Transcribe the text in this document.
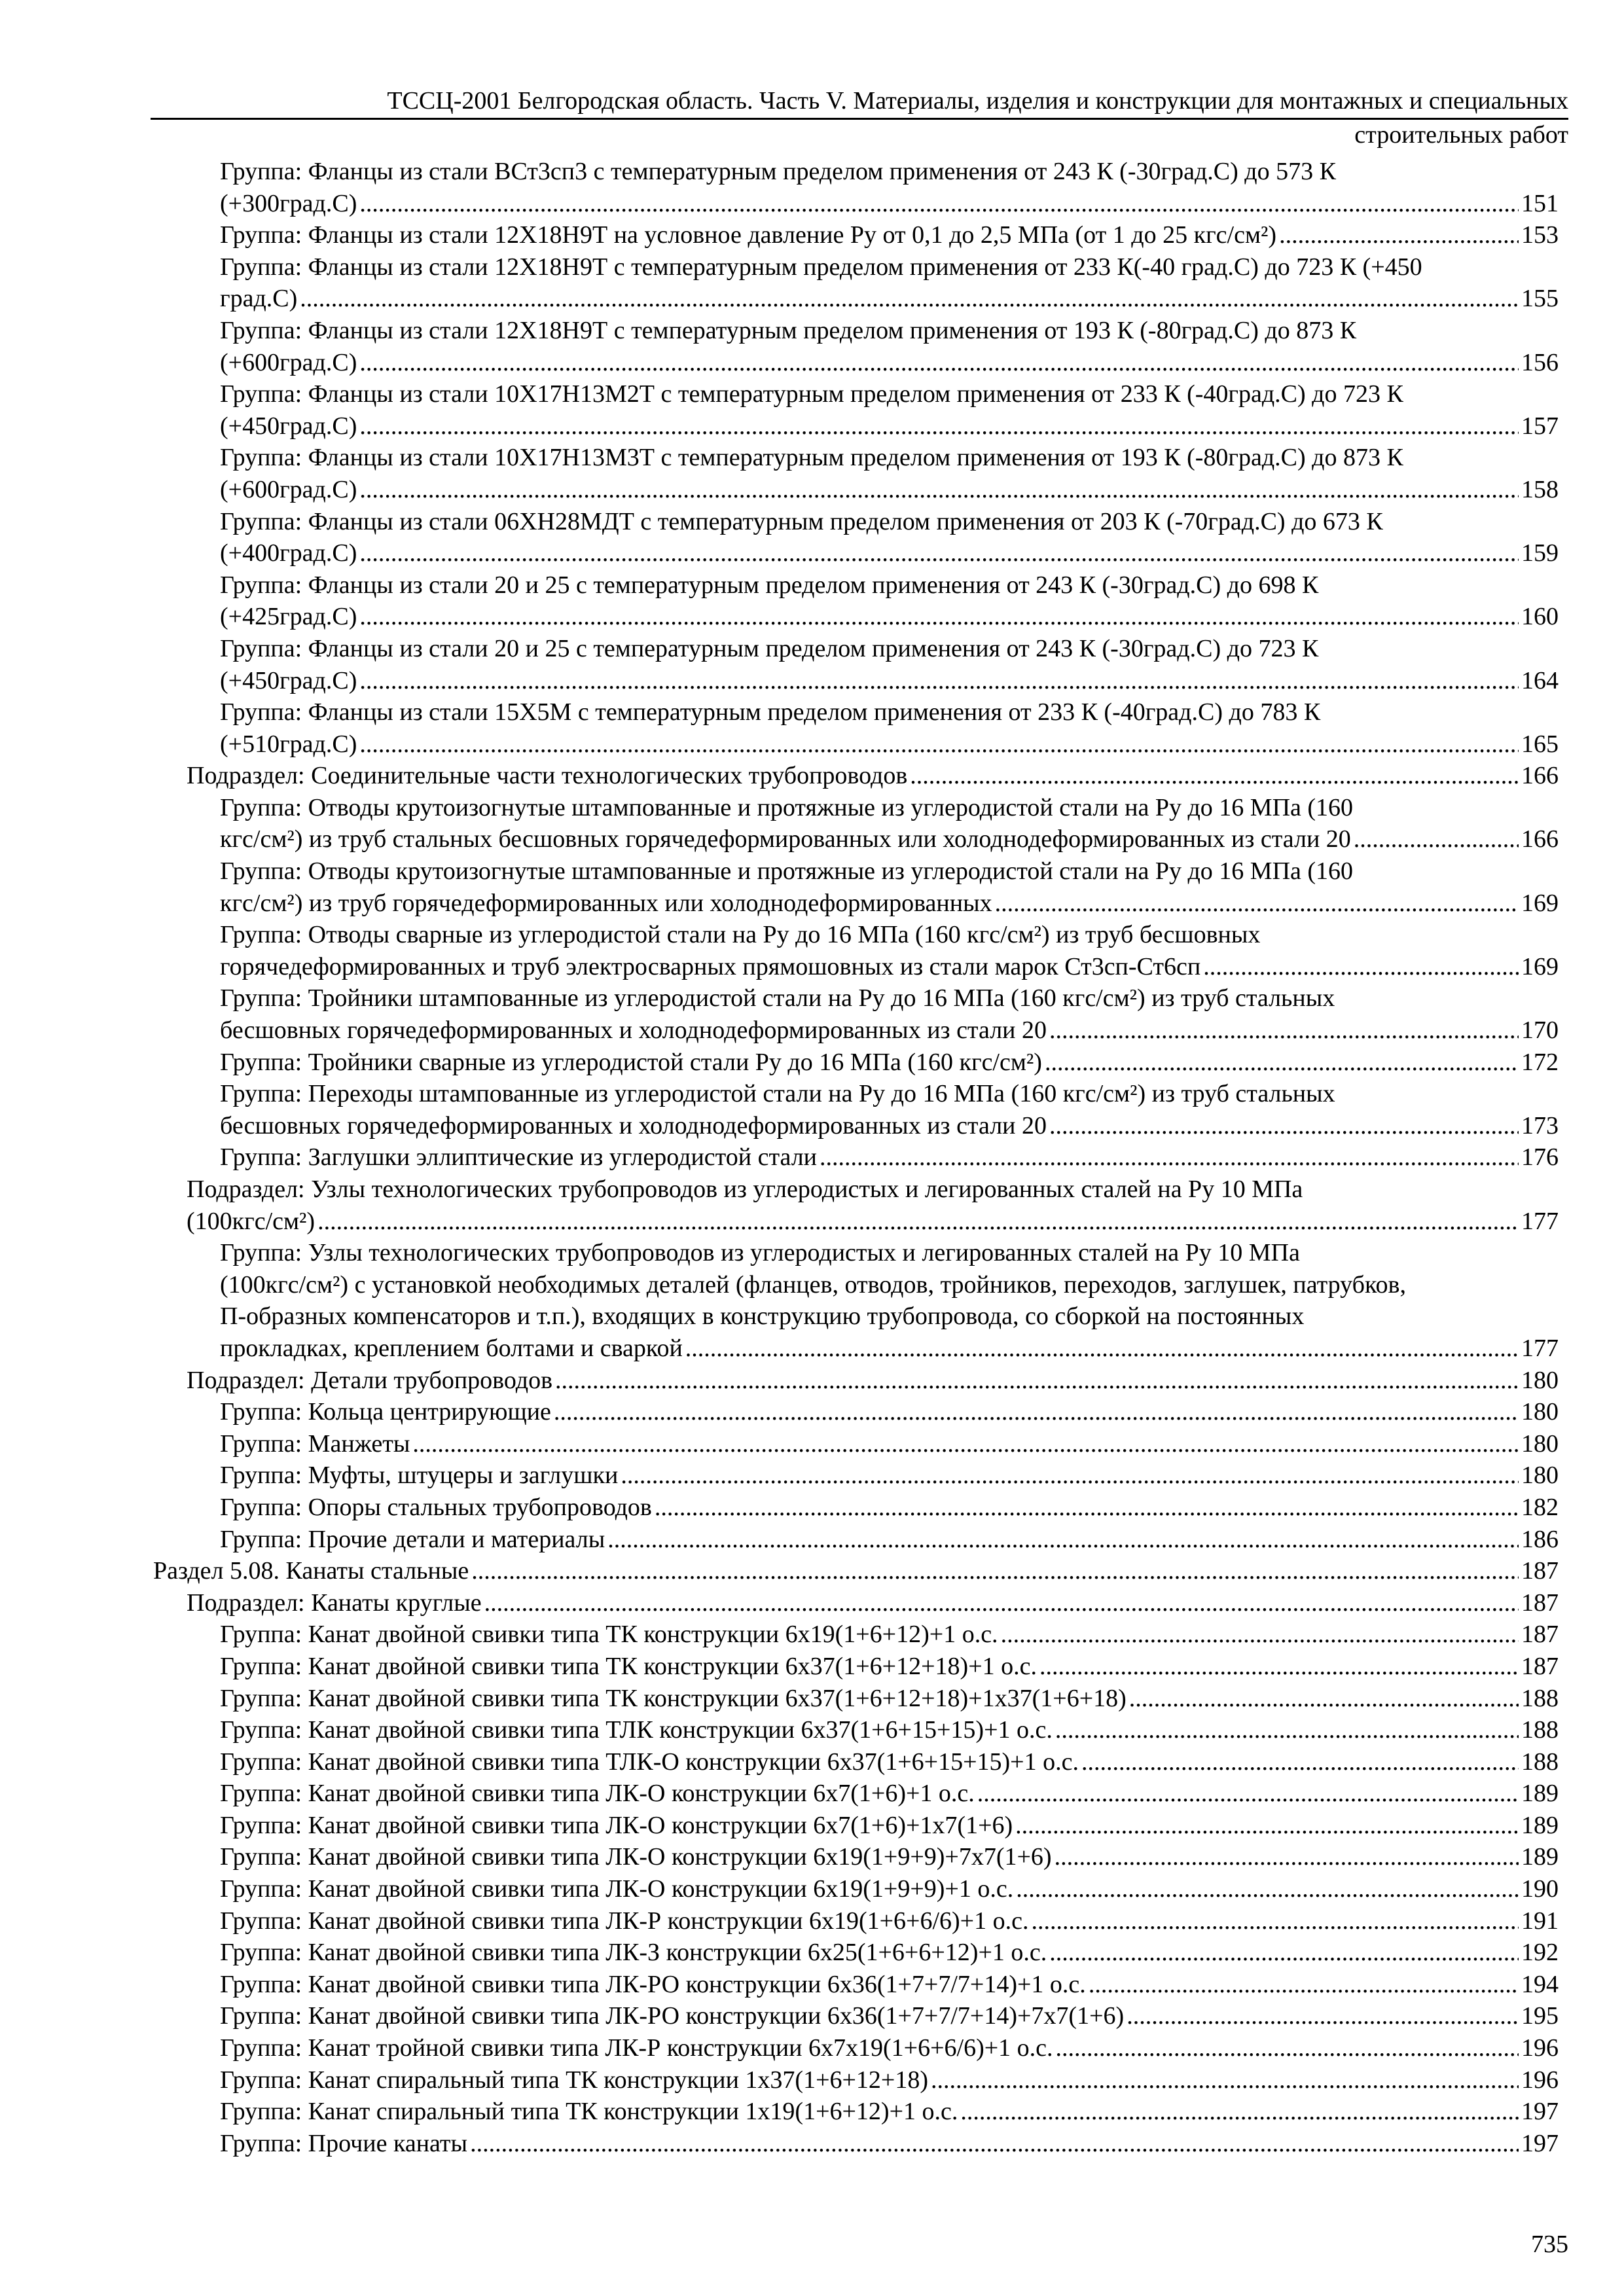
ТССЦ-2001 Белгородская область. Часть V. Материалы, изделия и конструкции для монтажных и специальных
строительных работ
Группа: Фланцы из стали ВСт3сп3 с температурным пределом применения от 243 К (-30град.С) до 573 К
(+300град.С) .....	151
Группа: Фланцы из стали 12Х18Н9Т на условное давление Ру от 0,1 до 2,5 МПа (от 1 до 25 кгс/см²) .....	153
Группа: Фланцы из стали 12Х18Н9Т с температурным пределом применения от 233 К(-40 град.С) до 723 К (+450
град.С) .....	155
Группа: Фланцы из стали 12Х18Н9Т с температурным пределом применения от 193 К (-80град.С) до 873 К
(+600град.С) .....	156
Группа: Фланцы из стали 10Х17Н13М2Т с температурным пределом применения от 233 К (-40град.С) до 723 К
(+450град.С) .....	157
Группа: Фланцы из стали 10Х17Н13М3Т с температурным пределом применения от 193 К (-80град.С) до 873 К
(+600град.С) .....	158
Группа: Фланцы из стали 06ХН28МДТ с температурным пределом применения от 203 К (-70град.С) до 673 К
(+400град.С) .....	159
Группа: Фланцы из стали 20 и 25 с температурным пределом применения от 243 К (-30град.С) до 698 К
(+425град.С) .....	160
Группа: Фланцы из стали 20 и 25 с температурным пределом применения от 243 К (-30град.С) до 723 К
(+450град.С) .....	164
Группа: Фланцы из стали 15Х5М с температурным пределом применения от 233 К (-40град.С) до 783 К
(+510град.С) .....	165
Подраздел: Соединительные части технологических трубопроводов .....	166
Группа: Отводы крутоизогнутые штампованные и протяжные из углеродистой стали на Ру до 16 МПа (160
кгс/см²) из труб стальных бесшовных горячедеформированных или холоднодеформированных из стали 20 .....	166
Группа: Отводы крутоизогнутые штампованные и протяжные из углеродистой стали на Ру до 16 МПа (160
кгс/см²) из труб горячедеформированных или холоднодеформированных .....	169
Группа: Отводы сварные из углеродистой стали на Ру до 16 МПа (160 кгс/см²) из труб бесшовных
горячедеформированных и труб электросварных прямошовных из стали марок Ст3сп-Ст6сп .....	169
Группа: Тройники штампованные из углеродистой стали на Ру до 16 МПа (160 кгс/см²) из труб стальных
бесшовных горячедеформированных и холоднодеформированных из стали 20 .....	170
Группа: Тройники сварные из углеродистой стали Ру до 16 МПа (160 кгс/см²) .....	172
Группа: Переходы штампованные из углеродистой стали на Ру до 16 МПа (160 кгс/см²) из труб стальных
бесшовных горячедеформированных и холоднодеформированных из стали 20 .....	173
Группа: Заглушки эллиптические из углеродистой стали .....	176
Подраздел: Узлы технологических трубопроводов из углеродистых и легированных сталей на Ру 10 МПа
(100кгс/см²) .....	177
Группа: Узлы технологических трубопроводов из углеродистых и легированных сталей на Ру 10 МПа
(100кгс/см²) с установкой необходимых деталей (фланцев, отводов, тройников, переходов, заглушек, патрубков,
П-образных компенсаторов и т.п.), входящих в конструкцию трубопровода, со сборкой на постоянных
прокладках, креплением болтами и сваркой .....	177
Подраздел: Детали трубопроводов .....	180
Группа: Кольца центрирующие .....	180
Группа: Манжеты .....	180
Группа: Муфты, штуцеры и заглушки .....	180
Группа: Опоры стальных трубопроводов .....	182
Группа: Прочие детали и материалы .....	186
Раздел 5.08. Канаты стальные .....	187
Подраздел: Канаты круглые .....	187
Группа: Канат двойной свивки типа ТК конструкции 6х19(1+6+12)+1 о.с. .....	187
Группа: Канат двойной свивки типа ТК конструкции 6х37(1+6+12+18)+1 о.с. .....	187
Группа: Канат двойной свивки типа ТК конструкции 6х37(1+6+12+18)+1х37(1+6+18) .....	188
Группа: Канат двойной свивки типа ТЛК конструкции 6х37(1+6+15+15)+1 о.с. .....	188
Группа: Канат двойной свивки типа ТЛК-О конструкции 6х37(1+6+15+15)+1 о.с. .....	188
Группа: Канат двойной свивки типа ЛК-О конструкции 6х7(1+6)+1 о.с. .....	189
Группа: Канат двойной свивки типа ЛК-О конструкции 6х7(1+6)+1х7(1+6) .....	189
Группа: Канат двойной свивки типа ЛК-О конструкции 6х19(1+9+9)+7х7(1+6) .....	189
Группа: Канат двойной свивки типа ЛК-О конструкции 6х19(1+9+9)+1 о.с. .....	190
Группа: Канат двойной свивки типа ЛК-Р конструкции 6х19(1+6+6/6)+1 о.с. .....	191
Группа: Канат двойной свивки типа ЛК-З конструкции 6х25(1+6+6+12)+1 о.с. .....	192
Группа: Канат двойной свивки типа ЛК-РО конструкции 6х36(1+7+7/7+14)+1 о.с. .....	194
Группа: Канат двойной свивки типа ЛК-РО конструкции 6х36(1+7+7/7+14)+7х7(1+6) .....	195
Группа: Канат тройной свивки типа ЛК-Р конструкции 6х7х19(1+6+6/6)+1 о.с. .....	196
Группа: Канат спиральный типа ТК конструкции 1х37(1+6+12+18) .....	196
Группа: Канат спиральный типа ТК конструкции 1х19(1+6+12)+1 о.с. .....	197
Группа: Прочие канаты .....	197
735
